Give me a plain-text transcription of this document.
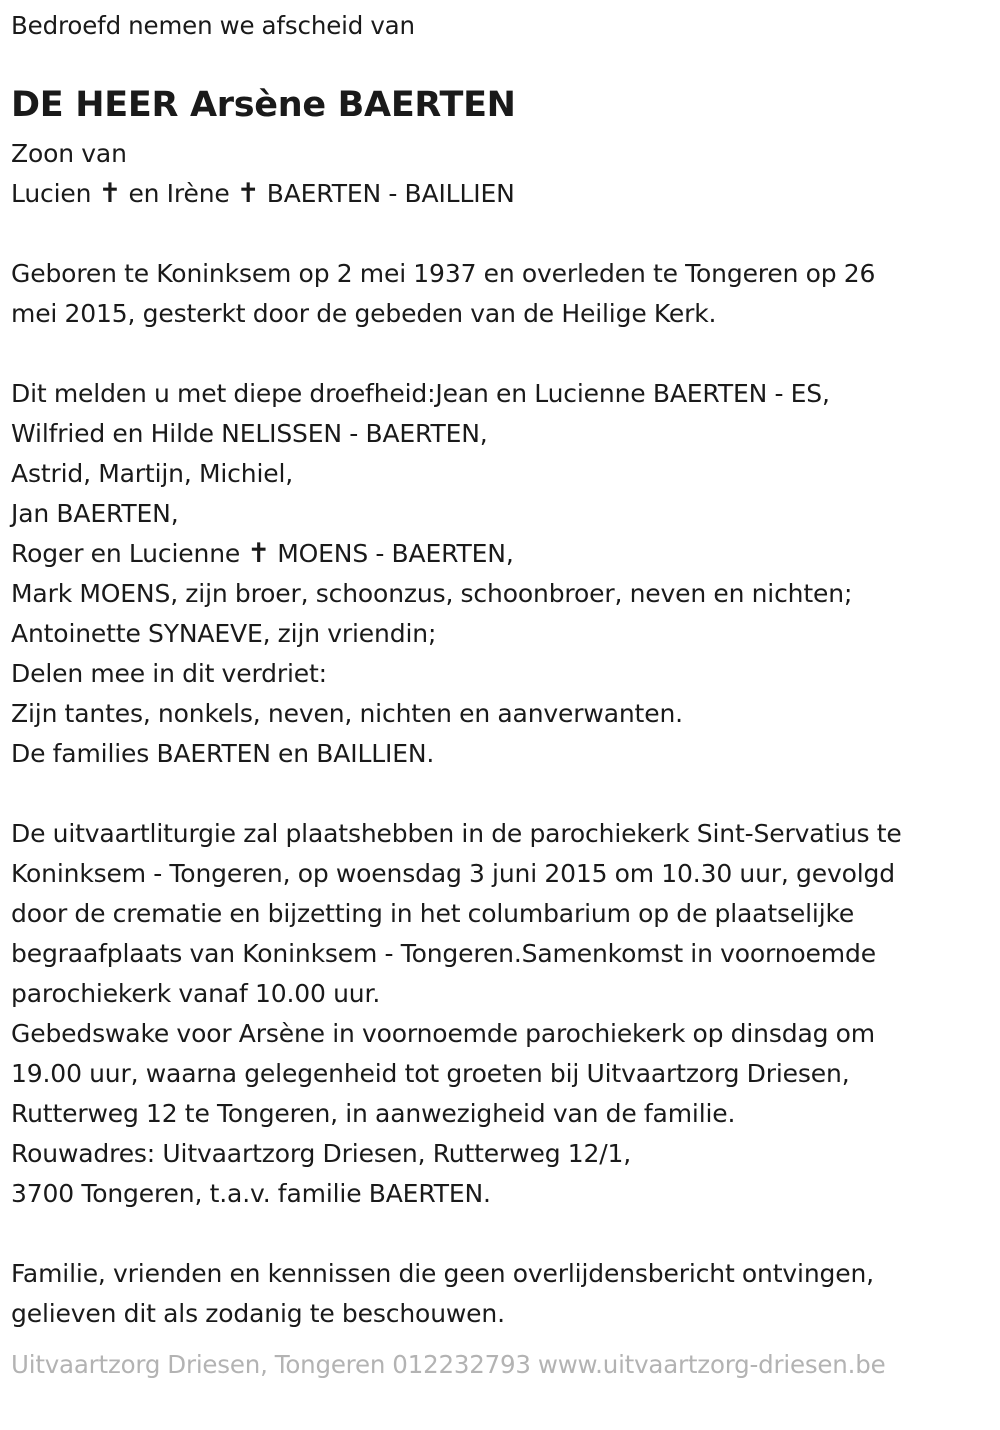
Bedroefd nemen we afscheid van
DE HEER Arsène BAERTEN
Zoon van
Lucien ✝ en Irène ✝ BAERTEN - BAILLIEN
Geboren te Koninksem op 2 mei 1937 en overleden te Tongeren op 26
mei 2015, gesterkt door de gebeden van de Heilige Kerk.
Dit melden u met diepe droefheid:Jean en Lucienne BAERTEN - ES,
Wilfried en Hilde NELISSEN - BAERTEN,
Astrid, Martijn, Michiel,
Jan BAERTEN,
Roger en Lucienne ✝ MOENS - BAERTEN,
Mark MOENS, zijn broer, schoonzus, schoonbroer, neven en nichten;
Antoinette SYNAEVE, zijn vriendin;
Delen mee in dit verdriet:
Zijn tantes, nonkels, neven, nichten en aanverwanten.
De families BAERTEN en BAILLIEN.
De uitvaartliturgie zal plaatshebben in de parochiekerk Sint-Servatius te
Koninksem - Tongeren, op woensdag 3 juni 2015 om 10.30 uur, gevolgd
door de crematie en bijzetting in het columbarium op de plaatselijke
begraafplaats van Koninksem - Tongeren.Samenkomst in voornoemde
parochiekerk vanaf 10.00 uur.
Gebedswake voor Arsène in voornoemde parochiekerk op dinsdag om
19.00 uur, waarna gelegenheid tot groeten bij Uitvaartzorg Driesen,
Rutterweg 12 te Tongeren, in aanwezigheid van de familie.
Rouwadres: Uitvaartzorg Driesen, Rutterweg 12/1,
3700 Tongeren, t.a.v. familie BAERTEN.
Familie, vrienden en kennissen die geen overlijdensbericht ontvingen,
gelieven dit als zodanig te beschouwen.
Uitvaartzorg Driesen, Tongeren 012232793 www.uitvaartzorg-driesen.be
